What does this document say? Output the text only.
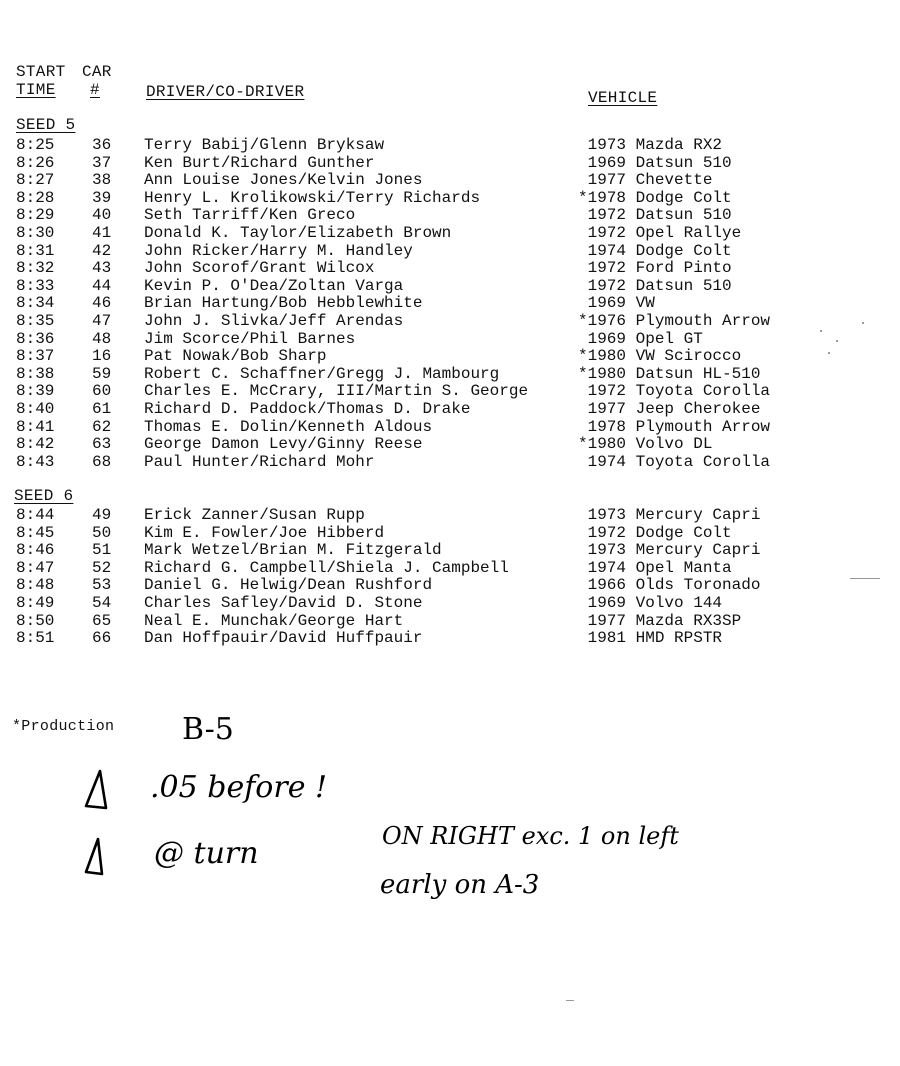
START
TIME
CAR
#	DRIVER/CO-DRIVER	VEHICLE
SEED 5
8:25 36 Terry Babij/Glenn Bryksaw	1973 Mazda RX2
8:26 37 Ken Burt/Richard Gunther	1969 Datsun 510
8:27 38 Ann Louise Jones/Kelvin Jones	1977 Chevette
8:28 39 Henry L. Krolikowski/Terry Richards	*1978 Dodge Colt
8:29 40 Seth Tarriff/Ken Greco	1972 Datsun 510
8:30 41 Donald K. Taylor/Elizabeth Brown	1972 Opel Rallye
8:31 42 John Ricker/Harry M. Handley	1974 Dodge Colt
8:32 43 John Scorof/Grant Wilcox	1972 Ford Pinto
8:33 44 Kevin P. O'Dea/Zoltan Varga	1972 Datsun 510
8:34 46 Brian Hartung/Bob Hebblewhite	1969 VW
8:35 47 John J. Slivka/Jeff Arendas	*1976 Plymouth Arrow
8:36 48 Jim Scorce/Phil Barnes	1969 Opel GT
8:37 16 Pat Nowak/Bob Sharp	*1980 VW Scirocco
8:38 59 Robert C. Schaffner/Gregg J. Mambourg	*1980 Datsun HL-510
8:39 60 Charles E. McCrary, III/Martin S. George	1972 Toyota Corolla
8:40 61 Richard D. Paddock/Thomas D. Drake	1977 Jeep Cherokee
8:41 62 Thomas E. Dolin/Kenneth Aldous	1978 Plymouth Arrow
8:42 63 George Damon Levy/Ginny Reese	*1980 Volvo DL
8:43 68 Paul Hunter/Richard Mohr	1974 Toyota Corolla
SEED 6
8:44 49 Erick Zanner/Susan Rupp	1973 Mercury Capri
8:45 50 Kim E. Fowler/Joe Hibberd	1972 Dodge Colt
8:46 51 Mark Wetzel/Brian M. Fitzgerald	1973 Mercury Capri
8:47 52 Richard G. Campbell/Shiela J. Campbell	1974 Opel Manta
8:48 53 Daniel G. Helwig/Dean Rushford	1966 Olds Toronado
8:49 54 Charles Safley/David D. Stone	1969 Volvo 144
8:50 65 Neal E. Munchak/George Hart	1977 Mazda RX3SP
8:51 66 Dan Hoffpauir/David Huffpauir	1981 HMD RPSTR
*Production B-5
.05 before !
@ turn	ON RIGHT exc. 1 on left
early on A-3
